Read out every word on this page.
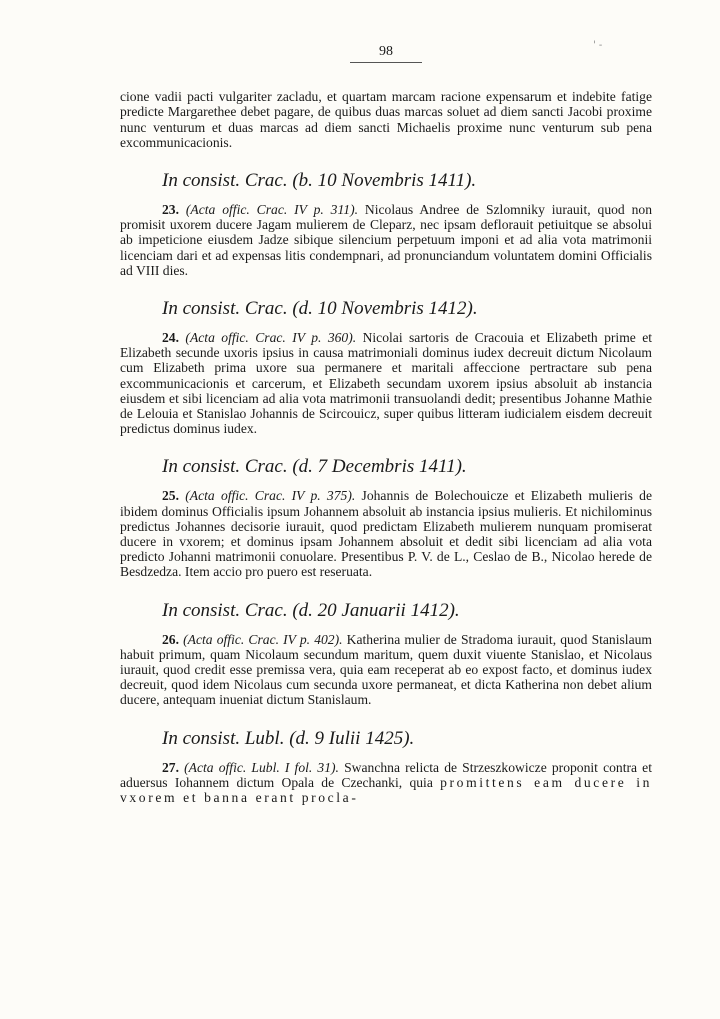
' -
98

cione vadii pacti vulgariter zacladu, et quartam marcam racione expensarum et indebite fatige predicte Margarethee debet pagare, de quibus duas marcas soluet ad diem sancti Jacobi proxime nunc venturum et duas marcas ad diem sancti Michaelis proxime nunc venturum sub pena excommunicacionis.

In consist. Crac. (b. 10 Novembris 1411).

23. (Acta offic. Crac. IV p. 311). Nicolaus Andree de Szlomniky iurauit, quod non promisit uxorem ducere Jagam mulierem de Cleparz, nec ipsam deflorauit petiuitque se absolui ab impeticione eiusdem Jadze sibique silencium perpetuum imponi et ad alia vota matrimonii licenciam dari et ad expensas litis condempnari, ad pronunciandum voluntatem domini Officialis ad VIII dies.

In consist. Crac. (d. 10 Novembris 1412).

24. (Acta offic. Crac. IV p. 360). Nicolai sartoris de Cracouia et Elizabeth prime et Elizabeth secunde uxoris ipsius in causa matrimoniali dominus iudex decreuit dictum Nicolaum cum Elizabeth prima uxore sua permanere et maritali affeccione pertractare sub pena excommunicacionis et carcerum, et Elizabeth secundam uxorem ipsius absoluit ab instancia eiusdem et sibi licenciam ad alia vota matrimonii transuolandi dedit; presentibus Johanne Mathie de Lelouia et Stanislao Johannis de Scircouicz, super quibus litteram iudicialem eisdem decreuit predictus dominus iudex.

In consist. Crac. (d. 7 Decembris 1411).

25. (Acta offic. Crac. IV p. 375). Johannis de Bolechouicze et Elizabeth mulieris de ibidem dominus Officialis ipsum Johannem absoluit ab instancia ipsius mulieris. Et nichilominus predictus Johannes decisorie iurauit, quod predictam Elizabeth mulierem nunquam promiserat ducere in vxorem; et dominus ipsam Johannem absoluit et dedit sibi licenciam ad alia vota predicto Johanni matrimonii conuolare. Presentibus P. V. de L., Ceslao de B., Nicolao herede de Besdzedza. Item accio pro puero est reseruata.

In consist. Crac. (d. 20 Januarii 1412).

26. (Acta offic. Crac. IV p. 402). Katherina mulier de Stradoma iurauit, quod Stanislaum habuit primum, quam Nicolaum secundum maritum, quem duxit viuente Stanislao, et Nicolaus iurauit, quod credit esse premissa vera, quia eam receperat ab eo expost facto, et dominus iudex decreuit, quod idem Nicolaus cum secunda uxore permaneat, et dicta Katherina non debet alium ducere, antequam inueniat dictum Stanislaum.

In consist. Lubl. (d. 9 Iulii 1425).

27. (Acta offic. Lubl. I fol. 31). Swanchna relicta de Strzeszkowicze proponit contra et aduersus Iohannem dictum Opala de Czechanki, quia promittens eam ducere in vxorem et banna erant procla-
